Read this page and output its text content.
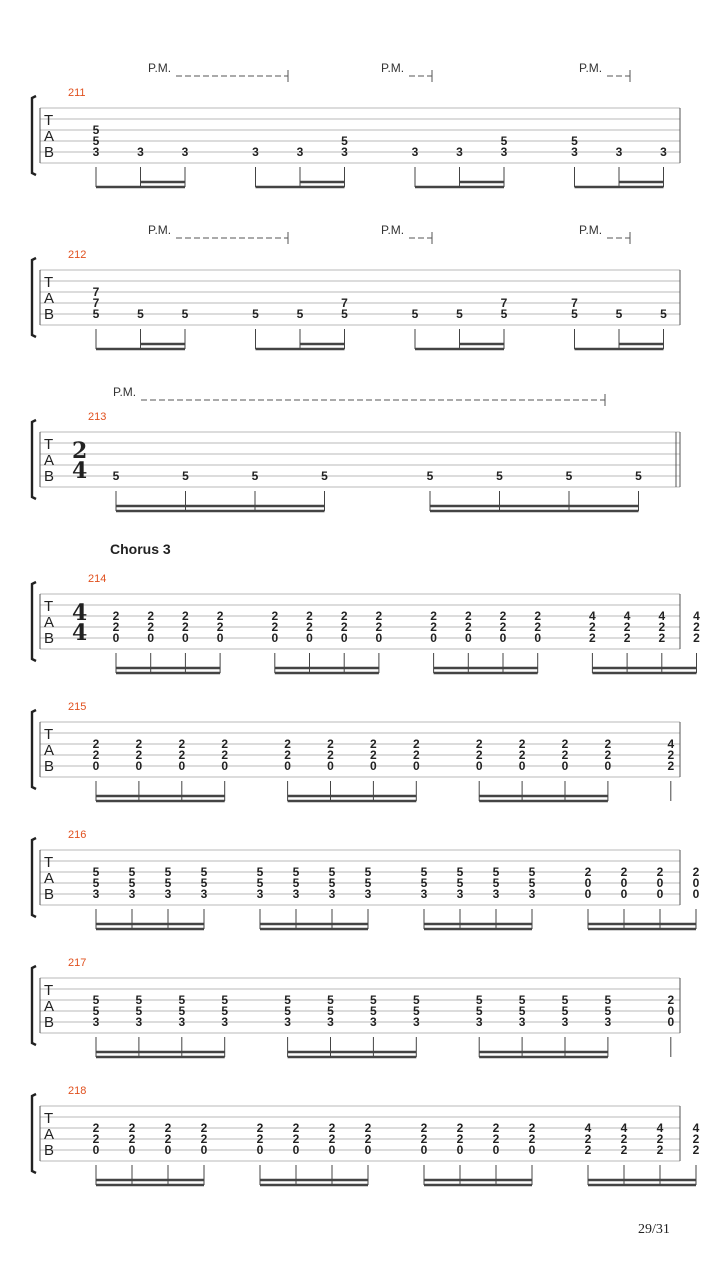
T
A
B
211
P.M.	P.M.	P.M.
5
5
3	3	3	3	3
5
3	3	3
5
3
5
3	3	3
T
A
B
212
P.M.	P.M.	P.M.
7
7
5	5	5	5	5
7
5	5	5
7
5
7
5	5	5
T
A
B
213
2
4
P.M.
5	5	5	5	5	5	5	5
T
A
B
214
Chorus 3
4
4
2
2
0
2
2
0
2
2
0
2
2
0
2
2
0
2
2
0
2
2
0
2
2
0
2
2
0
2
2
0
2
2
0
2
2
0
4
2
2
4
2
2
4
2
2
4
2
2
T
A
B
215
2
2
0
2
2
0
2
2
0
2
2
0
2
2
0
2
2
0
2
2
0
2
2
0
2
2
0
2
2
0
2
2
0
2
2
0
4
2
2
T
A
B
216
5
5
3
5
5
3
5
5
3
5
5
3
5
5
3
5
5
3
5
5
3
5
5
3
5
5
3
5
5
3
5
5
3
5
5
3
2
0
0
2
0
0
2
0
0
2
0
0
T
A
B
217
5
5
3
5
5
3
5
5
3
5
5
3
5
5
3
5
5
3
5
5
3
5
5
3
5
5
3
5
5
3
5
5
3
5
5
3
2
0
0
T
A
B
218
2
2
0
2
2
0
2
2
0
2
2
0
2
2
0
2
2
0
2
2
0
2
2
0
2
2
0
2
2
0
2
2
0
2
2
0
4
2
2
4
2
2
4
2
2
4
2
2
29/31
